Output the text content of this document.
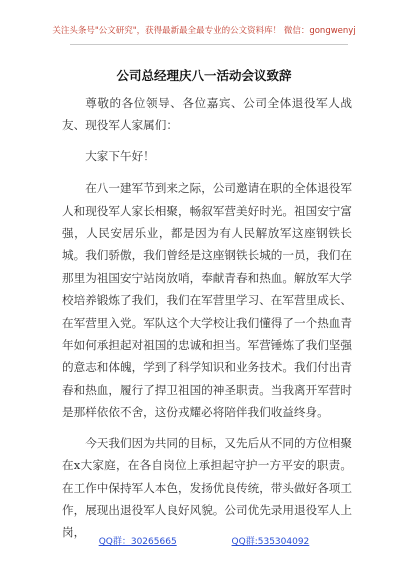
关注头条号"公文研究"，获得最新最全最专业的公文资料库！ 微信：gongwenyj
公司总经理庆八一活动会议致辞

尊敬的各位领导、各位嘉宾、公司全体退役军人战友、现役军人家属们：

大家下午好！

在八一建军节到来之际，公司邀请在职的全体退役军人和现役军人家长相聚，畅叙军营美好时光。祖国安宁富强，人民安居乐业，都是因为有人民解放军这座钢铁长城。我们骄傲，我们曾经是这座钢铁长城的一员，我们在那里为祖国安宁站岗放哨，奉献青春和热血。解放军大学校培养锻炼了我们，我们在军营里学习、在军营里成长、在军营里入党。军队这个大学校让我们懂得了一个热血青年如何承担起对祖国的忠诚和担当。军营锤炼了我们坚强的意志和体魄，学到了科学知识和业务技术。我们付出青春和热血，履行了捍卫祖国的神圣职责。当我离开军营时是那样依依不舍，这份戎耀必将陪伴我们收益终身。

今天我们因为共同的目标，又先后从不同的方位相聚在x大家庭，在各自岗位上承担起守护一方平安的职责。在工作中保持军人本色，发扬优良传统，带头做好各项工作，展现出退役军人良好风貌。公司优先录用退役军人上岗，

QQ群：30265665	QQ群:535304092
